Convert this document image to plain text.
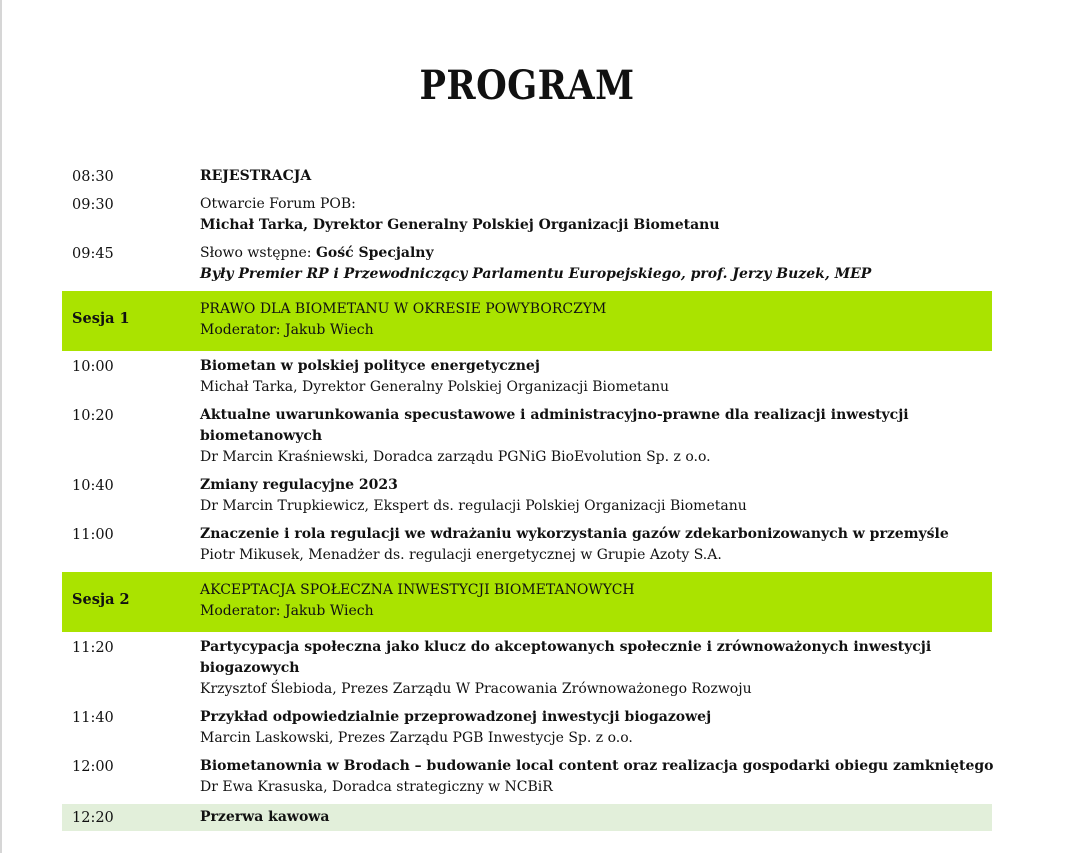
PROGRAM
08:30	REJESTRACJA
09:30	Otwarcie Forum POB:
Michał Tarka, Dyrektor Generalny Polskiej Organizacji Biometanu
09:45	Słowo wstępne: Gość Specjalny
Były Premier RP i Przewodniczący Parlamentu Europejskiego, prof. Jerzy Buzek, MEP
Sesja 1
PRAWO DLA BIOMETANU W OKRESIE POWYBORCZYM
Moderator: Jakub Wiech
10:00	Biometan w polskiej polityce energetycznej
Michał Tarka, Dyrektor Generalny Polskiej Organizacji Biometanu
10:20	Aktualne uwarunkowania specustawowe i administracyjno-prawne dla realizacji inwestycji
biometanowych
Dr Marcin Kraśniewski, Doradca zarządu PGNiG BioEvolution Sp. z o.o.
10:40	Zmiany regulacyjne 2023
Dr Marcin Trupkiewicz, Ekspert ds. regulacji Polskiej Organizacji Biometanu
11:00	Znaczenie i rola regulacji we wdrażaniu wykorzystania gazów zdekarbonizowanych w przemyśle
Piotr Mikusek, Menadżer ds. regulacji energetycznej w Grupie Azoty S.A.
Sesja 2
AKCEPTACJA SPOŁECZNA INWESTYCJI BIOMETANOWYCH
Moderator: Jakub Wiech
11:20	Partycypacja społeczna jako klucz do akceptowanych społecznie i zrównoważonych inwestycji
biogazowych
Krzysztof Ślebioda, Prezes Zarządu W Pracowania Zrównoważonego Rozwoju
11:40	Przykład odpowiedzialnie przeprowadzonej inwestycji biogazowej
Marcin Laskowski, Prezes Zarządu PGB Inwestycje Sp. z o.o.
12:00	Biometanownia w Brodach – budowanie local content oraz realizacja gospodarki obiegu zamkniętego
Dr Ewa Krasuska, Doradca strategiczny w NCBiR
12:20	Przerwa kawowa
